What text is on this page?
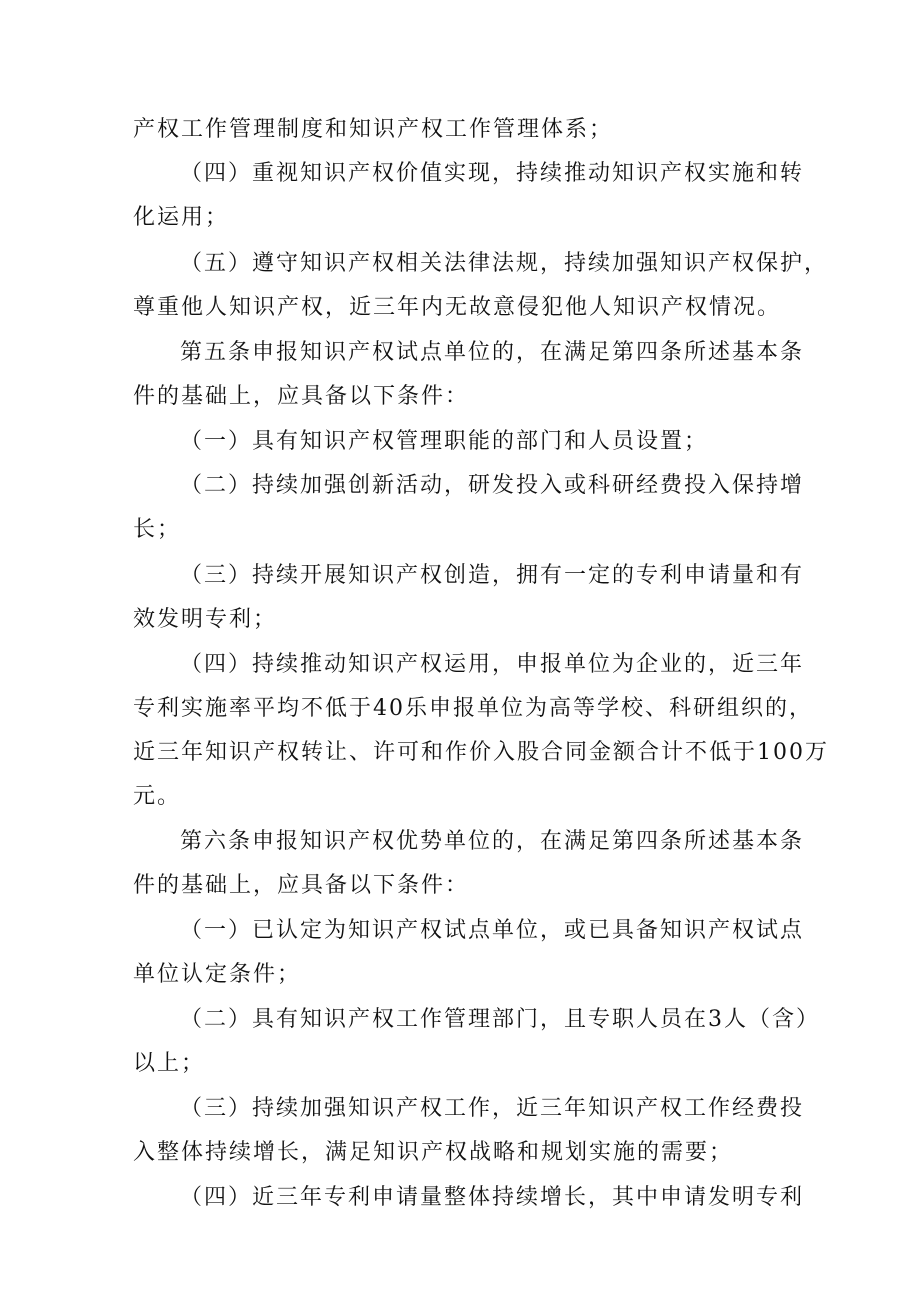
产权工作管理制度和知识产权工作管理体系；
（四）重视知识产权价值实现，持续推动知识产权实施和转
化运用；
（五）遵守知识产权相关法律法规，持续加强知识产权保护，
尊重他人知识产权，近三年内无故意侵犯他人知识产权情况。
第五条申报知识产权试点单位的，在满足第四条所述基本条
件的基础上，应具备以下条件：
（一）具有知识产权管理职能的部门和人员设置；
（二）持续加强创新活动，研发投入或科研经费投入保持增
长；
（三）持续开展知识产权创造，拥有一定的专利申请量和有
效发明专利；
（四）持续推动知识产权运用，申报单位为企业的，近三年
专利实施率平均不低于40乐申报单位为高等学校、科研组织的，
近三年知识产权转让、许可和作价入股合同金额合计不低于100万
元。
第六条申报知识产权优势单位的，在满足第四条所述基本条
件的基础上，应具备以下条件：
（一）已认定为知识产权试点单位，或已具备知识产权试点
单位认定条件；
（二）具有知识产权工作管理部门，且专职人员在3人（含）
以上；
（三）持续加强知识产权工作，近三年知识产权工作经费投
入整体持续增长，满足知识产权战略和规划实施的需要；
（四）近三年专利申请量整体持续增长，其中申请发明专利
